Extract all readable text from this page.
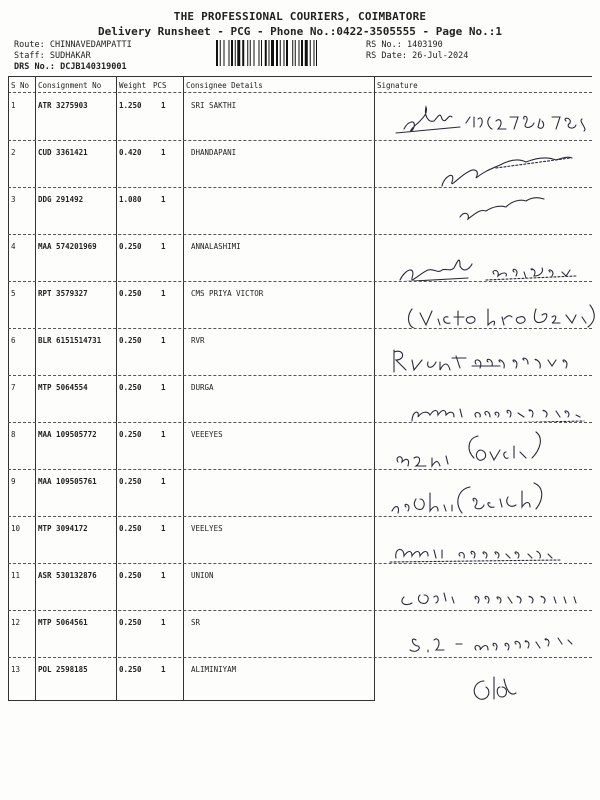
THE PROFESSIONAL COURIERS, COIMBATORE
Delivery Runsheet - PCG - Phone No.:0422-3505555 - Page No.:1
Route: CHINNAVEDAMPATTI
Staff: SUDHAKAR
DRS No.: DCJB140319001
RS No.: 1403190
RS Date: 26-Jul-2024
S No Consignment No Weight PCS	Consignee Details	Signature
1	ATR 3275903	1.250	1	SRI SAKTHI
2	CUD 3361421	0.420	1	DHANDAPANI
3	DDG 291492	1.080	1
4	MAA 574201969	0.250	1	ANNALASHIMI
5	RPT 3579327	0.250	1	CMS PRIYA VICTOR
6	BLR 6151514731 0.250	1	RVR
7	MTP 5064554	0.250	1	DURGA
8	MAA 109505772	0.250	1	VEEEYES
9	MAA 109505761	0.250	1
10 MTP 3094172	0.250	1	VEELYES
11 ASR 530132876	0.250	1	UNION
12 MTP 5064561	0.250	1	SR
13 POL 2598185	0.250	1	ALIMINIYAM
